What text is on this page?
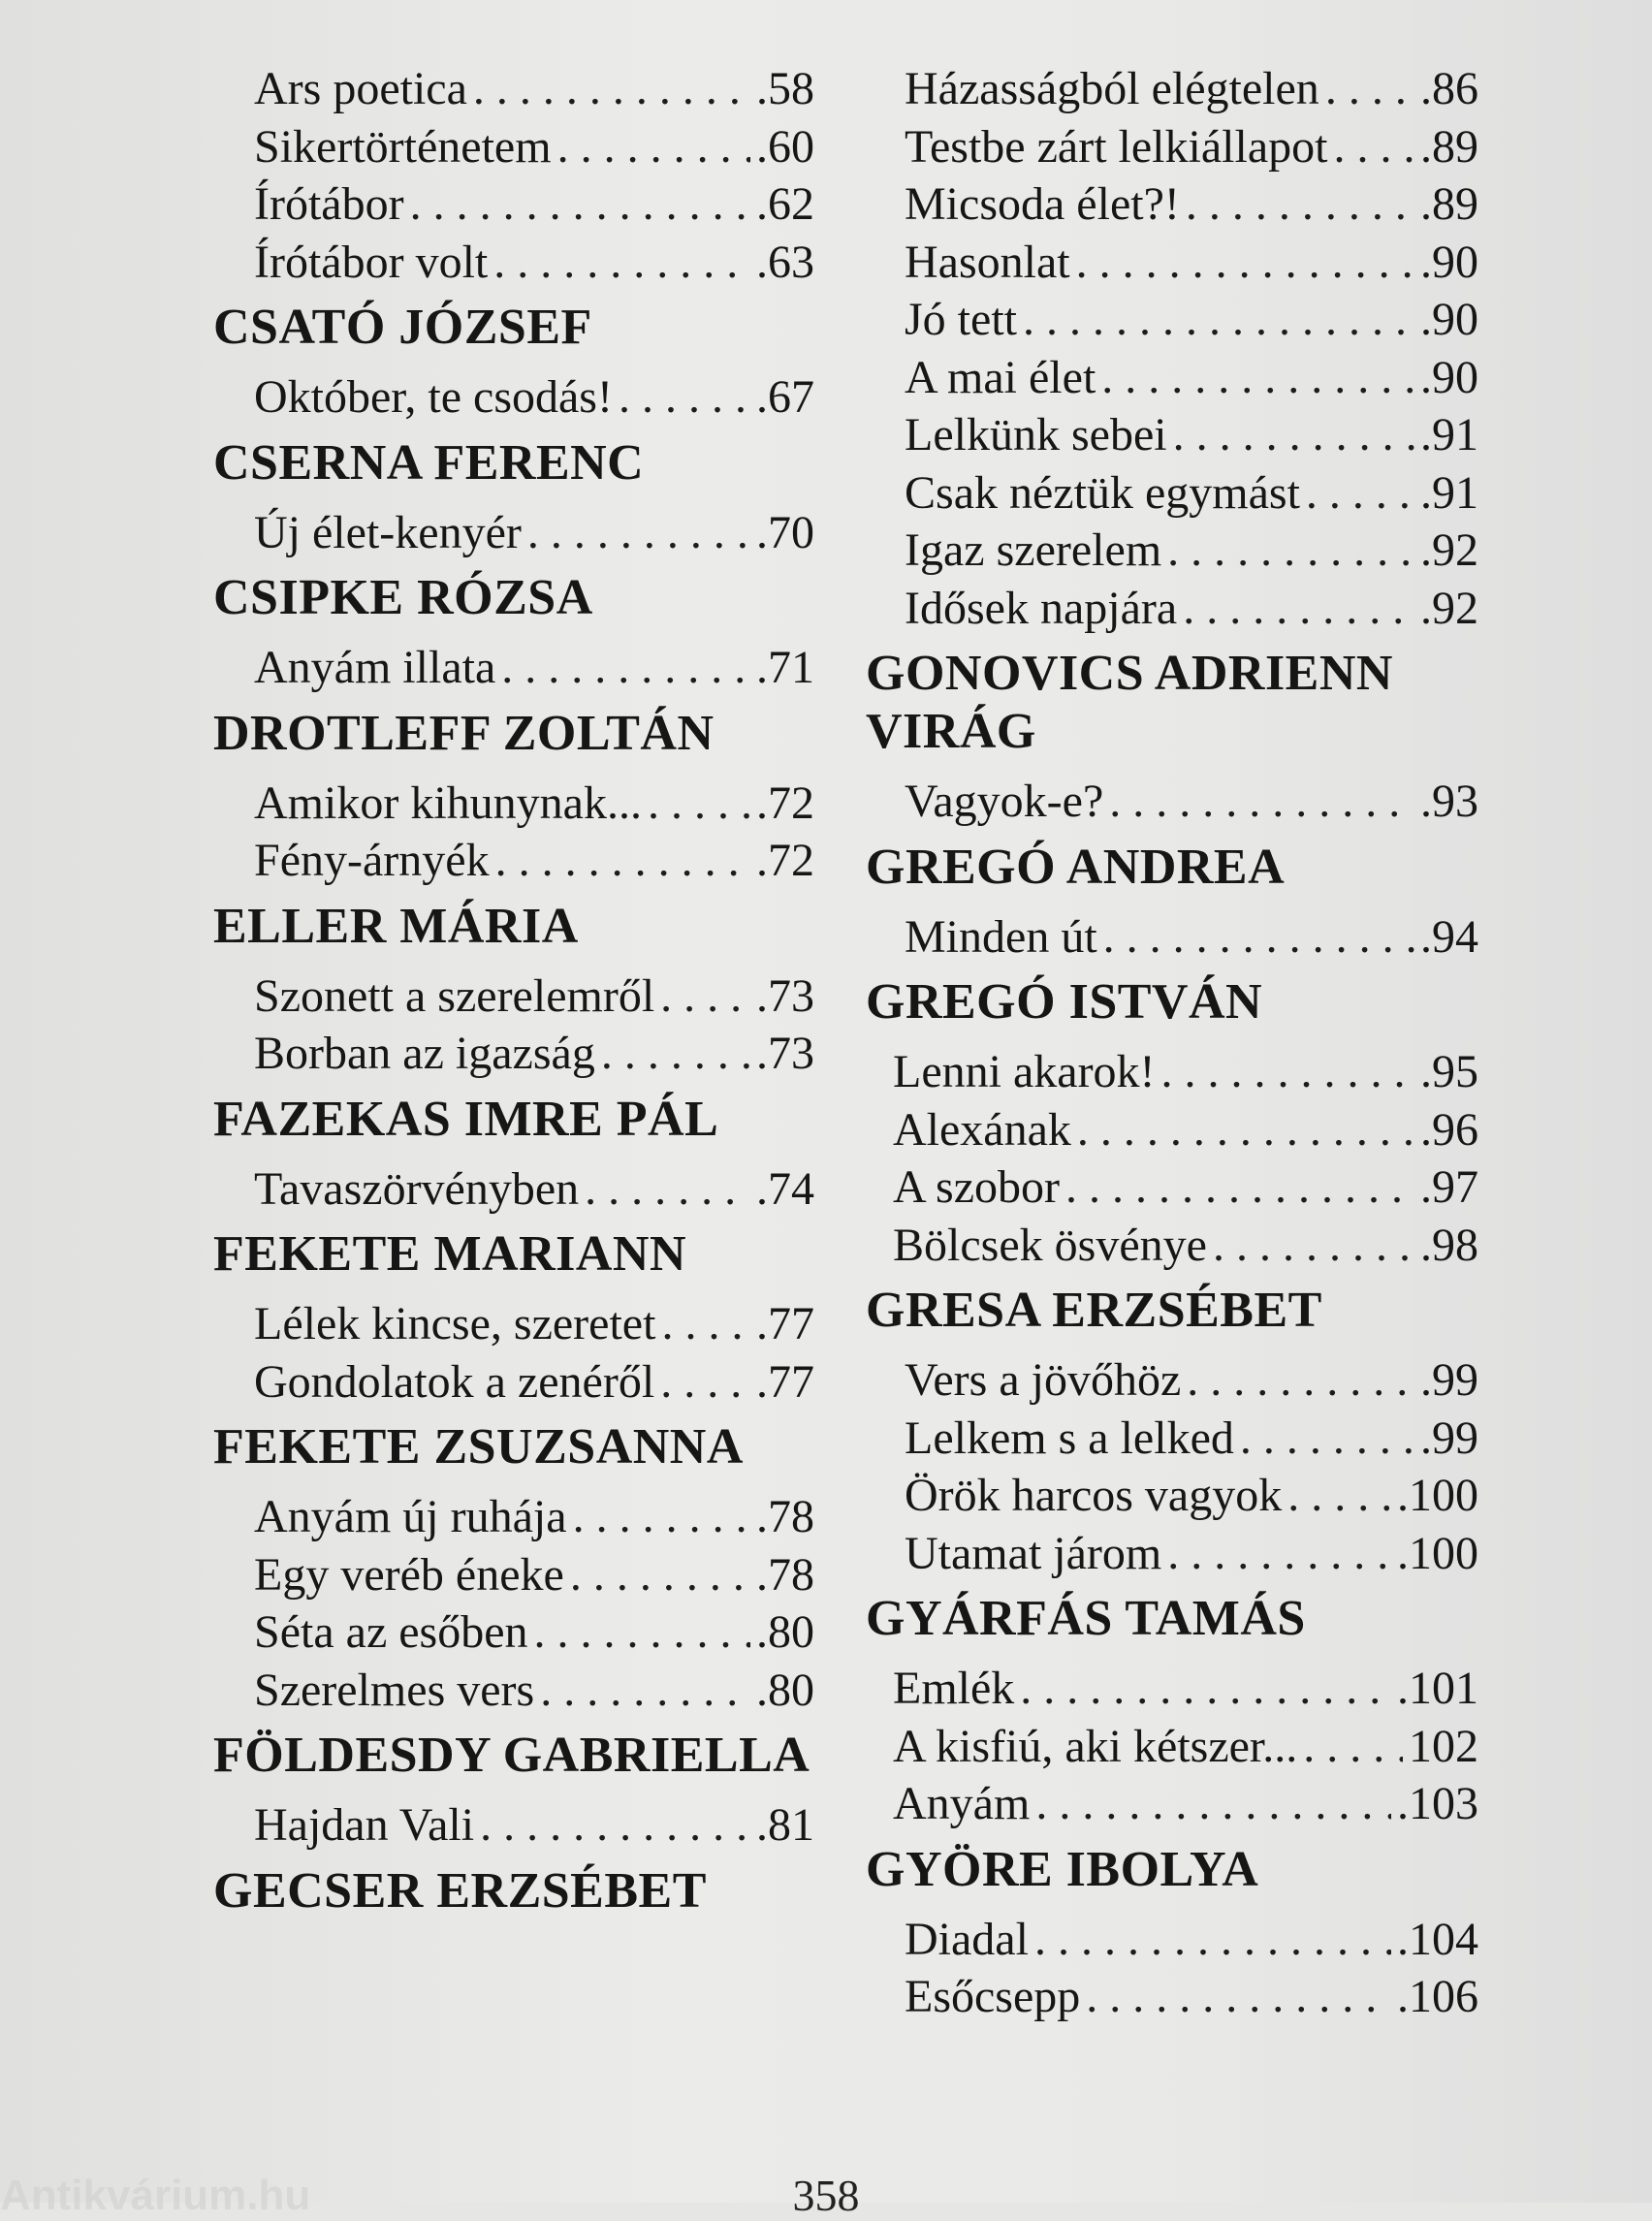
Ars poetica . . .	.58
Sikertörténetem . . .	.60
Írótábor . . .	.62
Írótábor volt . . .	.63
CSATÓ JÓZSEF
Október, te csodás! . . .	.67
CSERNA FERENC
Új élet-kenyér . . .	.70
CSIPKE RÓZSA
Anyám illata . . .	.71
DROTLEFF ZOLTÁN
Amikor kihunynak... . . . .72
Fény-árnyék . . .	.72
ELLER MÁRIA
Szonett a szerelemről . . . .73
Borban az igazság . . .	.73
FAZEKAS IMRE PÁL
Tavaszörvényben . . .	.74
FEKETE MARIANN
Lélek kincse, szeretet . . . .77
Gondolatok a zenéről . . . .77
FEKETE ZSUZSANNA
Anyám új ruhája . . .	.78
Egy veréb éneke . . .	.78
Séta az esőben . . .	.80
Szerelmes vers . . .	.80
FÖLDESDY GABRIELLA
Hajdan Vali . . .	.81
GECSER ERZSÉBET
Házasságból elégtelen . . . .86
Testbe zárt lelkiállapot . . . .89
Micsoda élet?! . . .	.89
Hasonlat . . .	.90
Jó tett . . .	.90
A mai élet . . .	.90
Lelkünk sebei . . .	.91
Csak néztük egymást . . .	.91
Igaz szerelem . . .	.92
Idősek napjára . . .	.92
GONOVICS ADRIENN VIRÁG
Vagyok-e? . . .	.93
GREGÓ ANDREA
Minden út . . .	.94
GREGÓ ISTVÁN
Lenni akarok! . . .	.95
Alexának . . .	.96
A szobor . . .	.97
Bölcsek ösvénye . . .	.98
GRESA ERZSÉBET
Vers a jövőhöz . . .	.99
Lelkem s a lelked . . .	.99
Örök harcos vagyok . . . .100
Utamat járom . . .	.100
GYÁRFÁS TAMÁS
Emlék . . .	.101
A kisfiú, aki kétszer... . . . 102
Anyám . . .	.103
GYÖRE IBOLYA
Diadal . . .	.104
Esőcsepp . . .	.106
358
Antikvárium.hu
